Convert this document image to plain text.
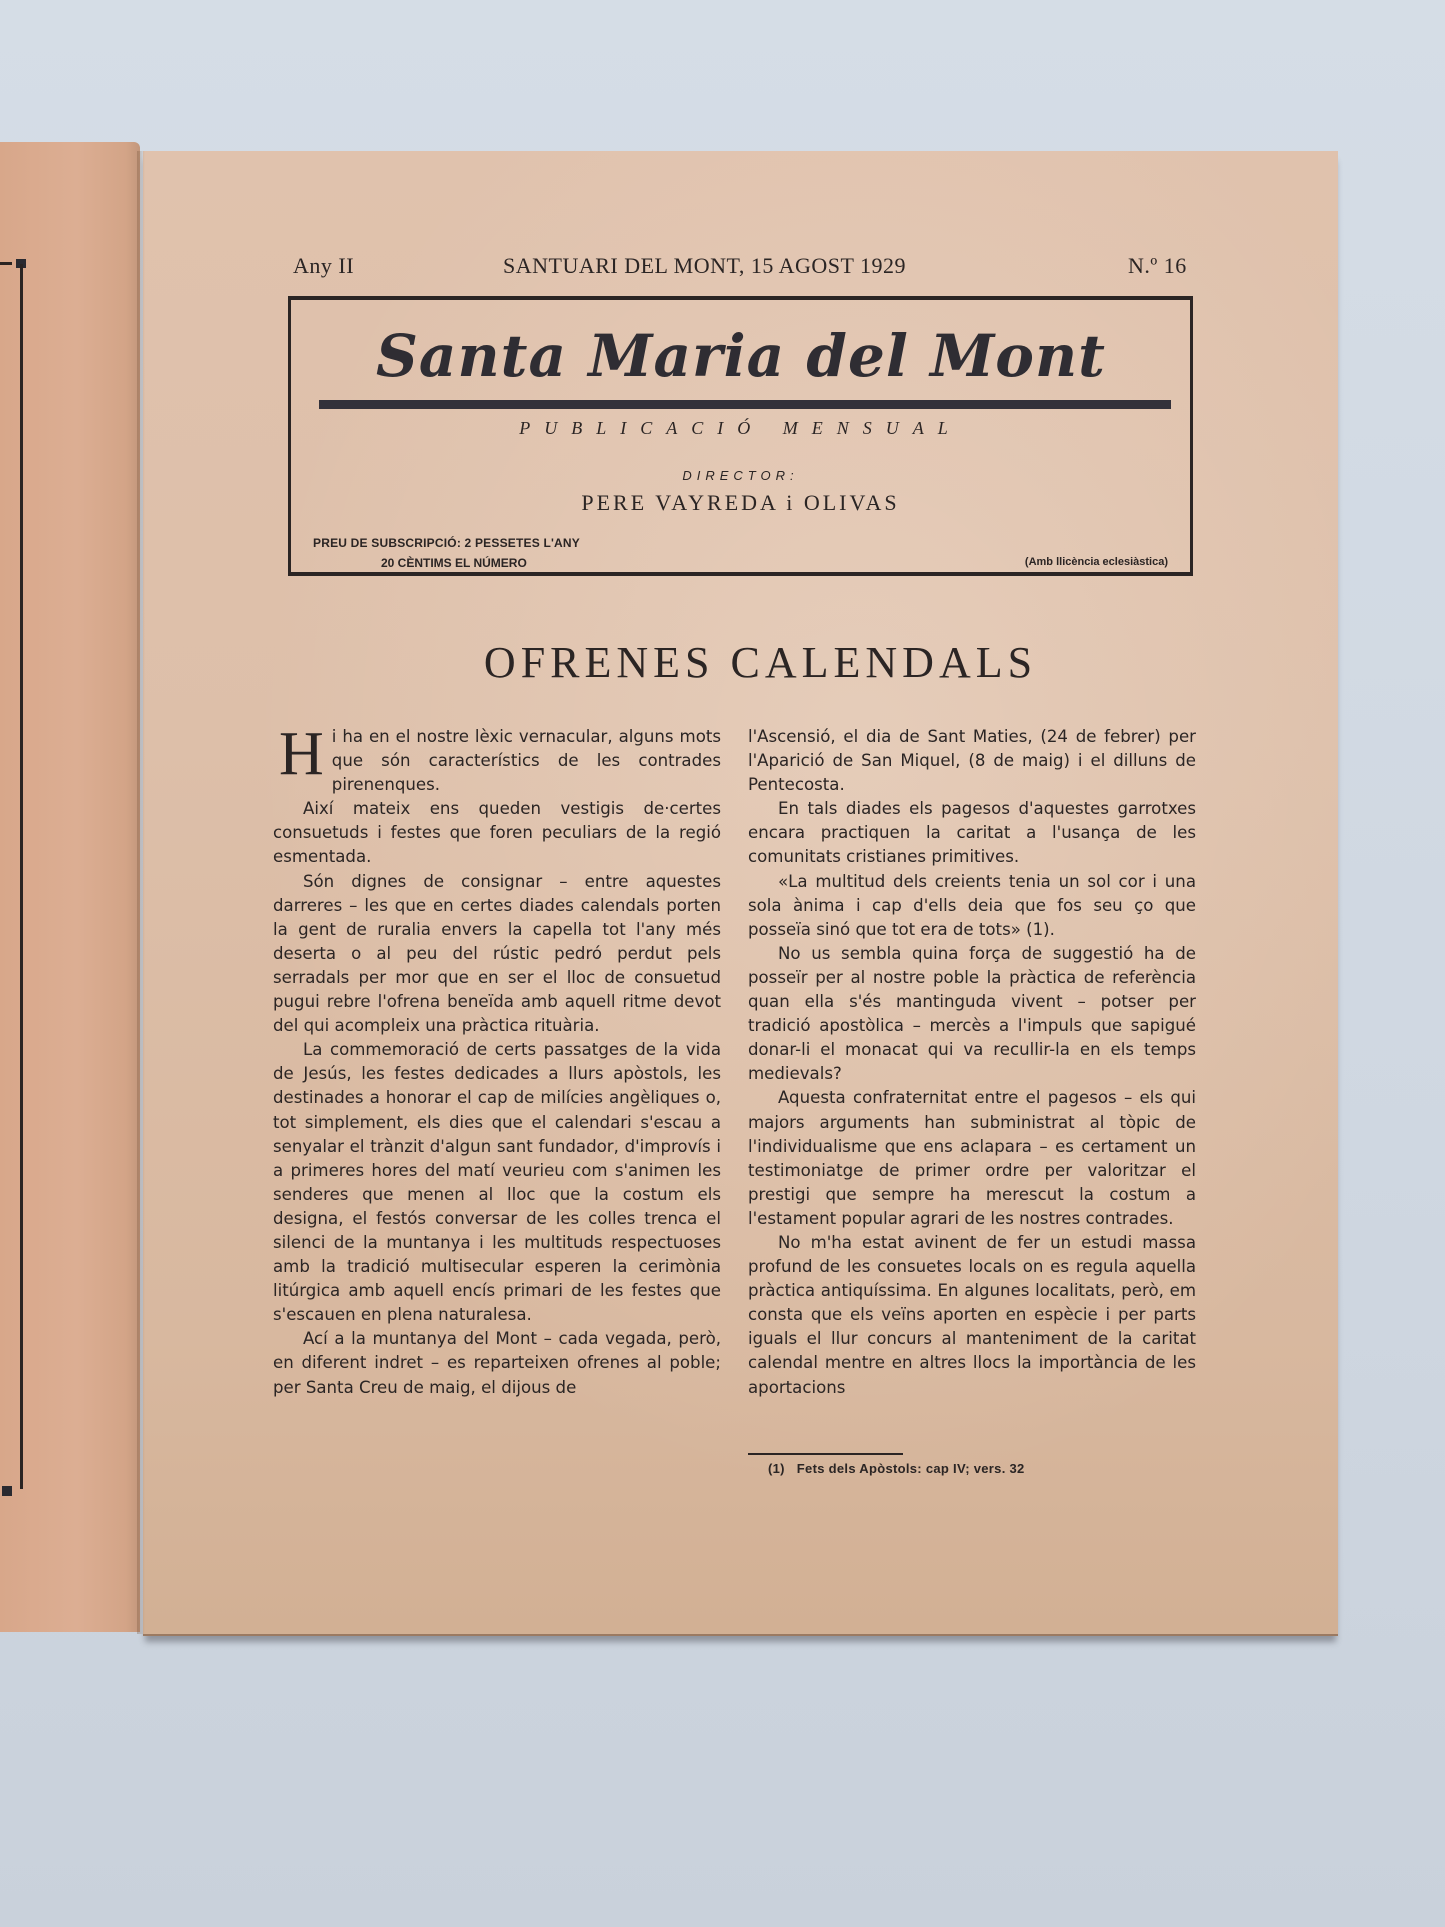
Any II	SANTUARI DEL MONT, 15 AGOST 1929	N.º 16
Santa Maria del Mont
PUBLICACIÓ MENSUAL
DIRECTOR:
PERE VAYREDA i OLIVAS
PREU DE SUBSCRIPCIÓ: 2 PESSETES L'ANY
20 CÈNTIMS EL NÚMERO	(Amb llicència eclesiàstica)
OFRENES CALENDALS

Hi ha en el nostre lèxic vernacular, alguns mots que són característics de les contrades pirenenques.

Així mateix ens queden vestigis de·certes consuetuds i festes que foren peculiars de la regió esmentada.

Són dignes de consignar – entre aquestes darreres – les que en certes diades calendals porten la gent de ruralia envers la capella tot l'any més deserta o al peu del rústic pedró perdut pels serradals per mor que en ser el lloc de consuetud pugui rebre l'ofrena beneïda amb aquell ritme devot del qui acompleix una pràctica rituària.

La commemoració de certs passatges de la vida de Jesús, les festes dedicades a llurs apòstols, les destinades a honorar el cap de milícies angèliques o, tot simplement, els dies que el calendari s'escau a senyalar el trànzit d'algun sant fundador, d'improvís i a primeres hores del matí veurieu com s'animen les senderes que menen al lloc que la costum els designa, el festós conversar de les colles trenca el silenci de la muntanya i les multituds respectuoses amb la tradició multisecular esperen la cerimònia litúrgica amb aquell encís primari de les festes que s'escauen en plena naturalesa.

Ací a la muntanya del Mont – cada vegada, però, en diferent indret – es reparteixen ofrenes al poble; per Santa Creu de maig, el dijous de

l'Ascensió, el dia de Sant Maties, (24 de febrer) per l'Aparició de San Miquel, (8 de maig) i el dilluns de Pentecosta.

En tals diades els pagesos d'aquestes garrotxes encara practiquen la caritat a l'usança de les comunitats cristianes primitives.

«La multitud dels creients tenia un sol cor i una sola ànima i cap d'ells deia que fos seu ço que posseïa sinó que tot era de tots» (1).

No us sembla quina força de suggestió ha de posseïr per al nostre poble la pràctica de referència quan ella s'és mantinguda vivent – potser per tradició apostòlica – mercès a l'impuls que sapigué donar-li el monacat qui va recullir-la en els temps medievals?

Aquesta confraternitat entre el pagesos – els qui majors arguments han subministrat al tòpic de l'individualisme que ens aclapara – es certament un testimoniatge de primer ordre per valoritzar el prestigi que sempre ha merescut la costum a l'estament popular agrari de les nostres contrades.

No m'ha estat avinent de fer un estudi massa profund de les consuetes locals on es regula aquella pràctica antiquíssima. En algunes localitats, però, em consta que els veïns aporten en espècie i per parts iguals el llur concurs al manteniment de la caritat calendal mentre en altres llocs la importància de les aportacions

(1) Fets dels Apòstols: cap IV; vers. 32
